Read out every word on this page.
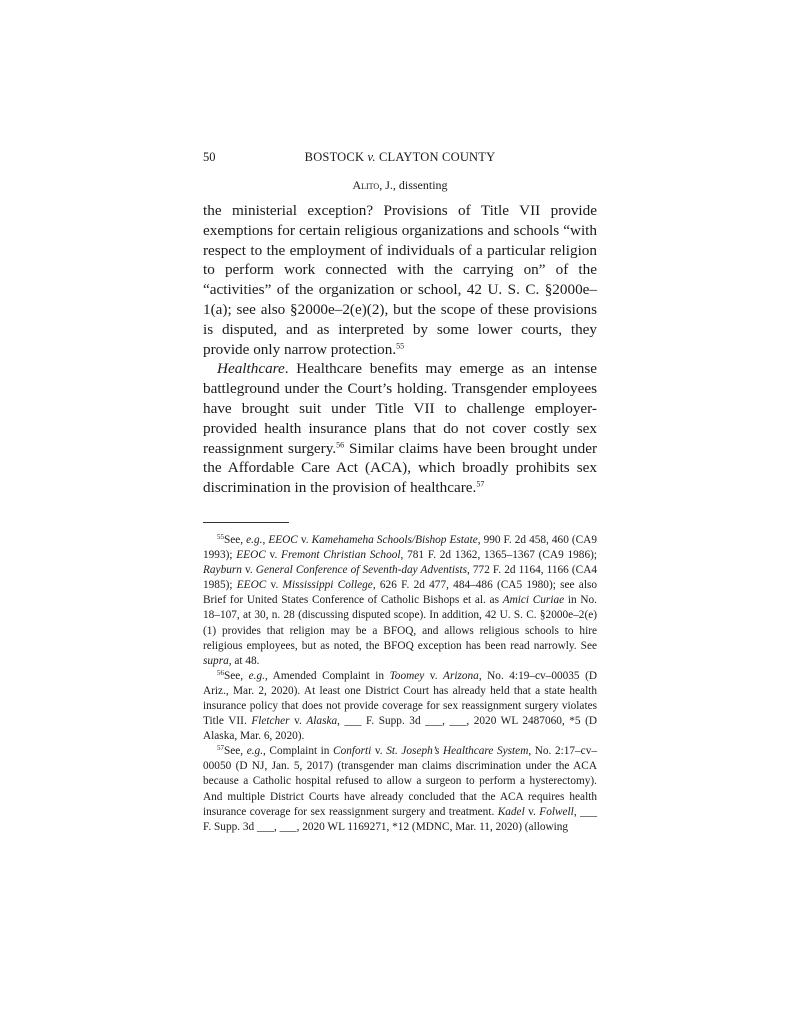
50	BOSTOCK v. CLAYTON COUNTY
Alito, J., dissenting

the ministerial exception? Provisions of Title VII provide exemptions for certain religious organizations and schools “with respect to the employment of individuals of a particular religion to perform work connected with the carrying on” of the “activities” of the organization or school, 42 U. S. C. §2000e–1(a); see also §2000e–2(e)(2), but the scope of these provisions is disputed, and as interpreted by some lower courts, they provide only narrow protection.$^{55}$

Healthcare. Healthcare benefits may emerge as an intense battleground under the Court’s holding. Transgender employees have brought suit under Title VII to challenge employer-provided health insurance plans that do not cover costly sex reassignment surgery.$^{56}$ Similar claims have been brought under the Affordable Care Act (ACA), which broadly prohibits sex discrimination in the provision of healthcare.$^{57}$

$^{55}$See, e.g., EEOC v. Kamehameha Schools/Bishop Estate, 990 F. 2d 458, 460 (CA9 1993); EEOC v. Fremont Christian School, 781 F. 2d 1362, 1365–1367 (CA9 1986); Rayburn v. General Conference of Seventh-day Adventists, 772 F. 2d 1164, 1166 (CA4 1985); EEOC v. Mississippi College, 626 F. 2d 477, 484–486 (CA5 1980); see also Brief for United States Conference of Catholic Bishops et al. as Amici Curiae in No. 18–107, at 30, n. 28 (discussing disputed scope). In addition, 42 U. S. C. §2000e–2(e)(1) provides that religion may be a BFOQ, and allows religious schools to hire religious employees, but as noted, the BFOQ exception has been read narrowly. See supra, at 48.

$^{56}$See, e.g., Amended Complaint in Toomey v. Arizona, No. 4:19–cv–00035 (D Ariz., Mar. 2, 2020). At least one District Court has already held that a state health insurance policy that does not provide coverage for sex reassignment surgery violates Title VII. Fletcher v. Alaska, ___ F. Supp. 3d ___, ___, 2020 WL 2487060, *5 (D Alaska, Mar. 6, 2020).

$^{57}$See, e.g., Complaint in Conforti v. St. Joseph’s Healthcare System, No. 2:17–cv–00050 (D NJ, Jan. 5, 2017) (transgender man claims discrimination under the ACA because a Catholic hospital refused to allow a surgeon to perform a hysterectomy). And multiple District Courts have already concluded that the ACA requires health insurance coverage for sex reassignment surgery and treatment. Kadel v. Folwell, ___ F. Supp. 3d ___, ___, 2020 WL 1169271, *12 (MDNC, Mar. 11, 2020) (allowing
